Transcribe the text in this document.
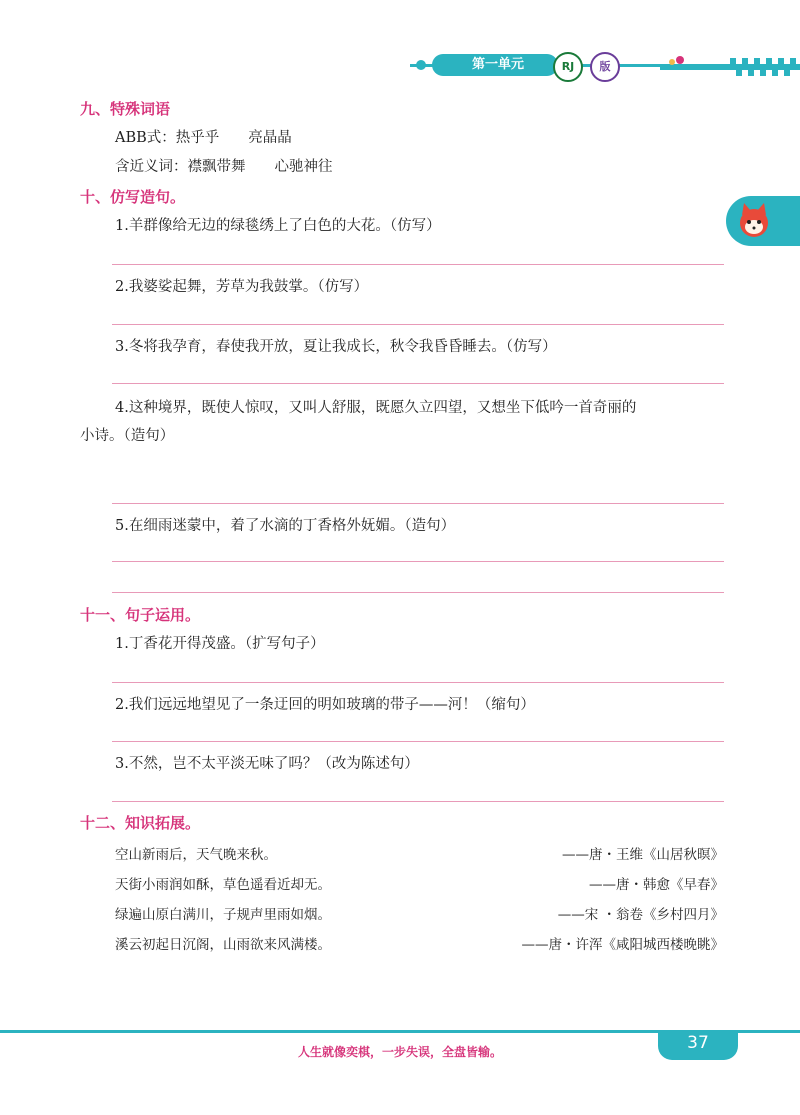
第一单元	RJ	版
九、特殊词语
ABB式：热乎乎　　亮晶晶
含近义词：襟飘带舞　　心驰神往
十、仿写造句。
1.羊群像给无边的绿毯绣上了白色的大花。（仿写）
2.我婆娑起舞，芳草为我鼓掌。（仿写）
3.冬将我孕育，春使我开放，夏让我成长，秋令我昏昏睡去。（仿写）
4.这种境界，既使人惊叹，又叫人舒服，既愿久立四望，又想坐下低吟一首奇丽的
小诗。（造句）
5.在细雨迷蒙中，着了水滴的丁香格外妩媚。（造句）
十一、句子运用。
1.丁香花开得茂盛。（扩写句子）
2.我们远远地望见了一条迂回的明如玻璃的带子——河！（缩句）
3.不然，岂不太平淡无味了吗？（改为陈述句）
十二、知识拓展。
空山新雨后，天气晚来秋。	——唐・王维《山居秋暝》
天街小雨润如酥，草色遥看近却无。	——唐・韩愈《早春》
绿遍山原白满川，子规声里雨如烟。	——宋 ・翁卷《乡村四月》
溪云初起日沉阁，山雨欲来风满楼。	——唐・许浑《咸阳城西楼晚眺》
37
人生就像奕棋，一步失误，全盘皆输。
